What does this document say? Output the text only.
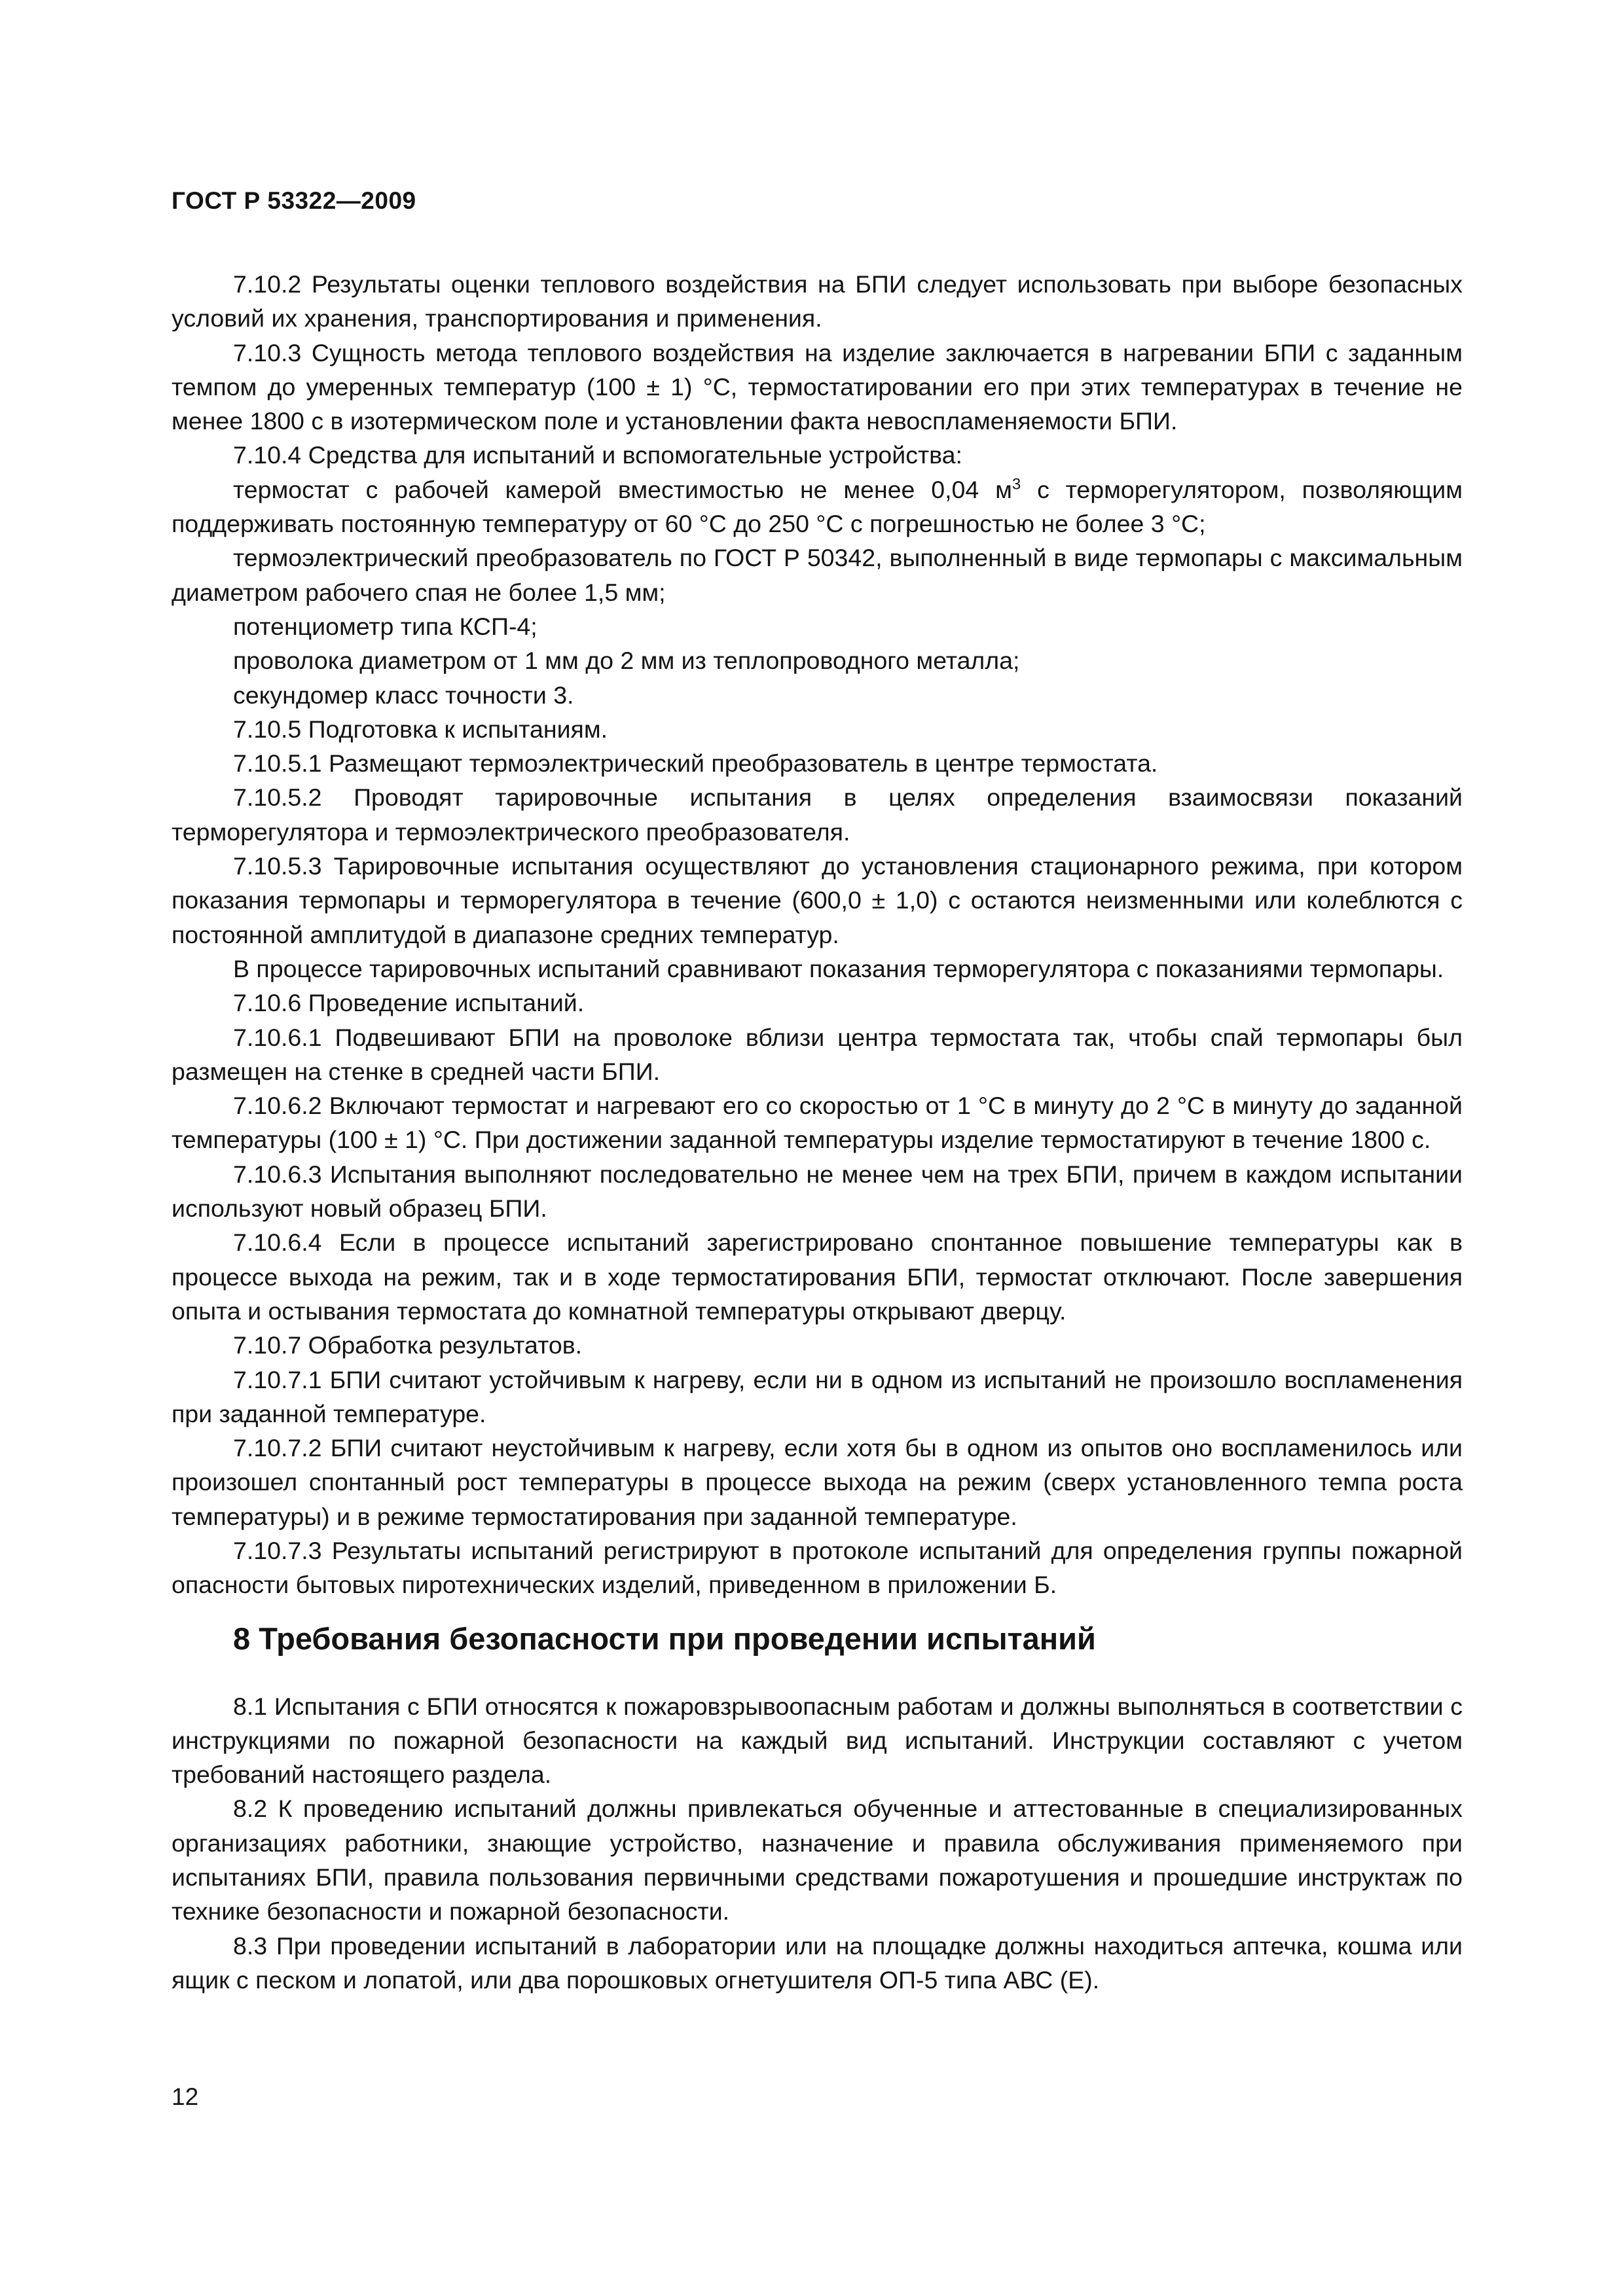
ГОСТ Р 53322—2009

7.10.2 Результаты оценки теплового воздействия на БПИ следует использовать при выборе безопасных условий их хранения, транспортирования и применения.

7.10.3 Сущность метода теплового воздействия на изделие заключается в нагревании БПИ с заданным темпом до умеренных температур (100 ± 1) °С, термостатировании его при этих температурах в течение не менее 1800 с в изотермическом поле и установлении факта невоспламеняемости БПИ.

7.10.4 Средства для испытаний и вспомогательные устройства:

термостат с рабочей камерой вместимостью не менее 0,04 $м^3$ с терморегулятором, позволяющим поддерживать постоянную температуру от 60 °С до 250 °С с погрешностью не более 3 °С;

термоэлектрический преобразователь по ГОСТ Р 50342, выполненный в виде термопары с максимальным диаметром рабочего спая не более 1,5 мм;

потенциометр типа КСП-4;

проволока диаметром от 1 мм до 2 мм из теплопроводного металла;

секундомер класс точности 3.

7.10.5 Подготовка к испытаниям.

7.10.5.1 Размещают термоэлектрический преобразователь в центре термостата.

7.10.5.2 Проводят тарировочные испытания в целях определения взаимосвязи показаний терморегулятора и термоэлектрического преобразователя.

7.10.5.3 Тарировочные испытания осуществляют до установления стационарного режима, при котором показания термопары и терморегулятора в течение (600,0 ± 1,0) с остаются неизменными или колеблются с постоянной амплитудой в диапазоне средних температур.

В процессе тарировочных испытаний сравнивают показания терморегулятора с показаниями термопары.

7.10.6 Проведение испытаний.

7.10.6.1 Подвешивают БПИ на проволоке вблизи центра термостата так, чтобы спай термопары был размещен на стенке в средней части БПИ.

7.10.6.2 Включают термостат и нагревают его со скоростью от 1 °С в минуту до 2 °С в минуту до заданной температуры (100 ± 1) °С. При достижении заданной температуры изделие термостатируют в течение 1800 с.

7.10.6.3 Испытания выполняют последовательно не менее чем на трех БПИ, причем в каждом испытании используют новый образец БПИ.

7.10.6.4 Если в процессе испытаний зарегистрировано спонтанное повышение температуры как в процессе выхода на режим, так и в ходе термостатирования БПИ, термостат отключают. После завершения опыта и остывания термостата до комнатной температуры открывают дверцу.

7.10.7 Обработка результатов.

7.10.7.1 БПИ считают устойчивым к нагреву, если ни в одном из испытаний не произошло воспламенения при заданной температуре.

7.10.7.2 БПИ считают неустойчивым к нагреву, если хотя бы в одном из опытов оно воспламенилось или произошел спонтанный рост температуры в процессе выхода на режим (сверх установленного темпа роста температуры) и в режиме термостатирования при заданной температуре.

7.10.7.3 Результаты испытаний регистрируют в протоколе испытаний для определения группы пожарной опасности бытовых пиротехнических изделий, приведенном в приложении Б.

8 Требования безопасности при проведении испытаний

8.1 Испытания с БПИ относятся к пожаровзрывоопасным работам и должны выполняться в соответствии с инструкциями по пожарной безопасности на каждый вид испытаний. Инструкции составляют с учетом требований настоящего раздела.

8.2 К проведению испытаний должны привлекаться обученные и аттестованные в специализированных организациях работники, знающие устройство, назначение и правила обслуживания применяемого при испытаниях БПИ, правила пользования первичными средствами пожаротушения и прошедшие инструктаж по технике безопасности и пожарной безопасности.

8.3 При проведении испытаний в лаборатории или на площадке должны находиться аптечка, кошма или ящик с песком и лопатой, или два порошковых огнетушителя ОП-5 типа АВС (Е).

12
